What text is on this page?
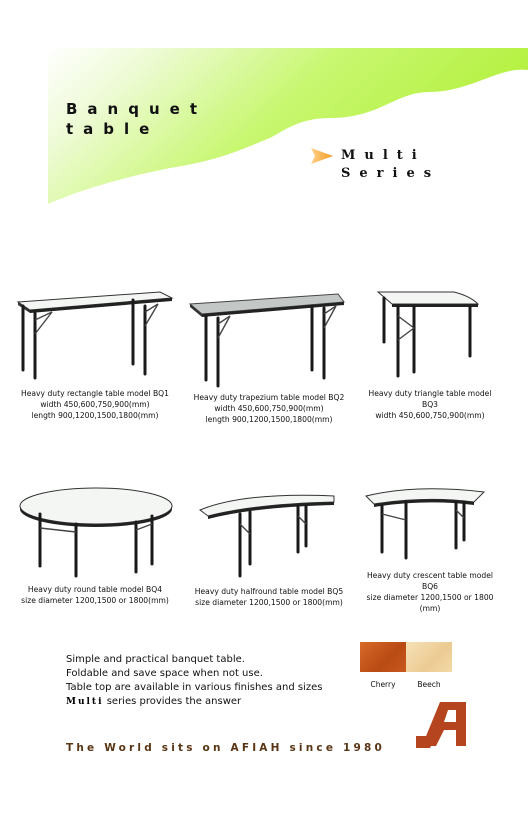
Banquet
table
Multi
Series
Heavy duty rectangle table model BQ1
width 450,600,750,900(mm)
length 900,1200,1500,1800(mm)
Heavy duty trapezium table model BQ2
width 450,600,750,900(mm)
length 900,1200,1500,1800(mm)
Heavy duty triangle table model
BQ3
width 450,600,750,900(mm)
Heavy duty round table model BQ4
size diameter 1200,1500 or 1800(mm)
Heavy duty halfround table model BQ5
size diameter 1200,1500 or 1800(mm)
Heavy duty crescent table model
BQ6
size diameter 1200,1500 or 1800
(mm)
Simple and practical banquet table.
Foldable and save space when not use.
Table top are available in various finishes and sizes
Multi series provides the answer
Cherry	Beech
The World sits on AFIAH since 1980
